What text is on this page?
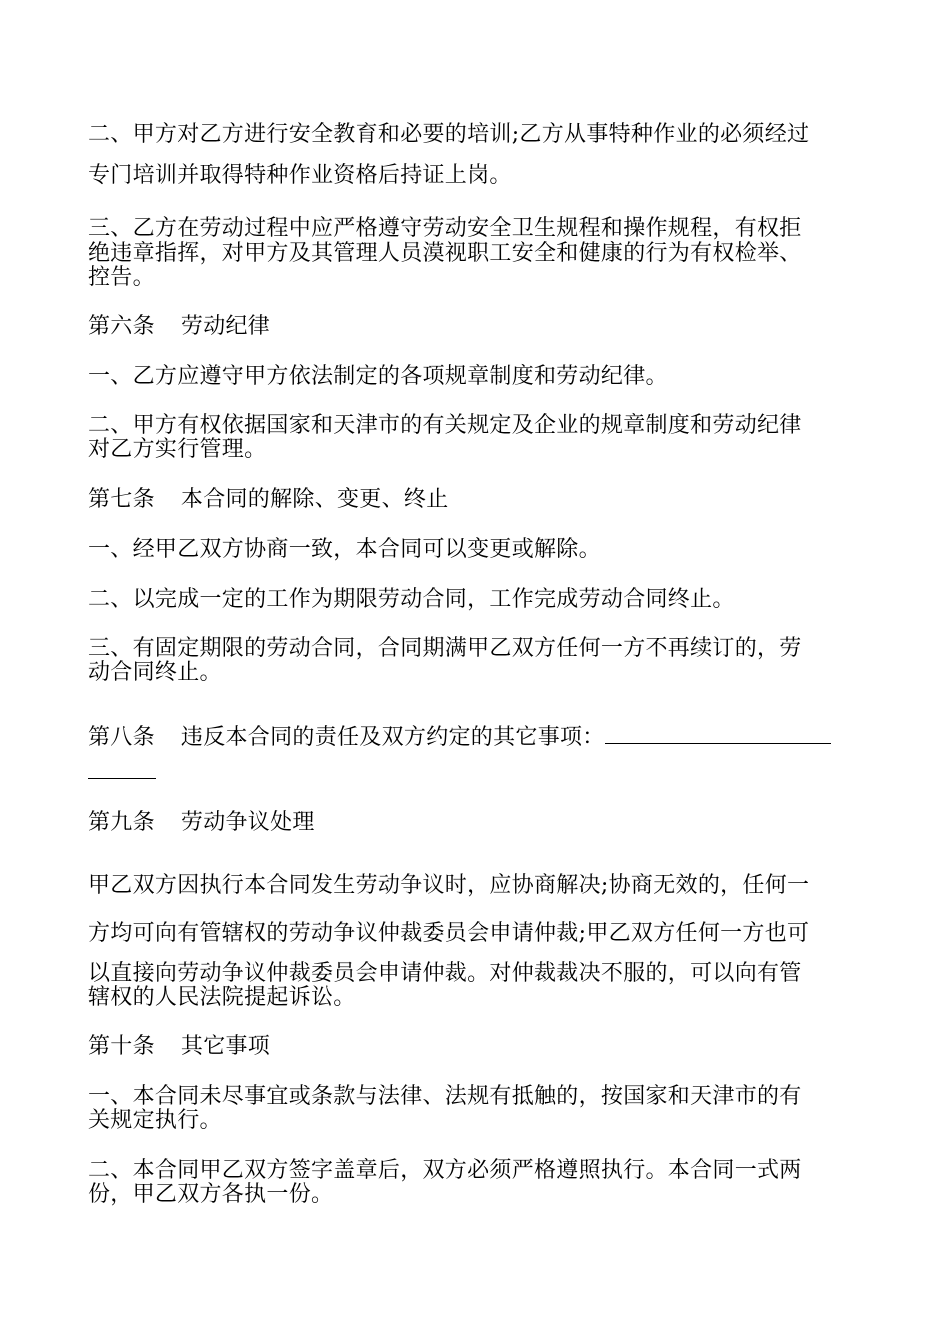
二、甲方对乙方进行安全教育和必要的培训;乙方从事特种作业的必须经过
专门培训并取得特种作业资格后持证上岗。
三、乙方在劳动过程中应严格遵守劳动安全卫生规程和操作规程，有权拒
绝违章指挥，对甲方及其管理人员漠视职工安全和健康的行为有权检举、
控告。
第六条 劳动纪律
一、乙方应遵守甲方依法制定的各项规章制度和劳动纪律。
二、甲方有权依据国家和天津市的有关规定及企业的规章制度和劳动纪律
对乙方实行管理。
第七条 本合同的解除、变更、终止
一、经甲乙双方协商一致，本合同可以变更或解除。
二、以完成一定的工作为期限劳动合同，工作完成劳动合同终止。
三、有固定期限的劳动合同，合同期满甲乙双方任何一方不再续订的，劳
动合同终止。
第八条 违反本合同的责任及双方约定的其它事项：
第九条 劳动争议处理
甲乙双方因执行本合同发生劳动争议时，应协商解决;协商无效的，任何一
方均可向有管辖权的劳动争议仲裁委员会申请仲裁;甲乙双方任何一方也可
以直接向劳动争议仲裁委员会申请仲裁。对仲裁裁决不服的，可以向有管
辖权的人民法院提起诉讼。
第十条 其它事项
一、本合同未尽事宜或条款与法律、法规有抵触的，按国家和天津市的有
关规定执行。
二、本合同甲乙双方签字盖章后，双方必须严格遵照执行。本合同一式两
份，甲乙双方各执一份。
